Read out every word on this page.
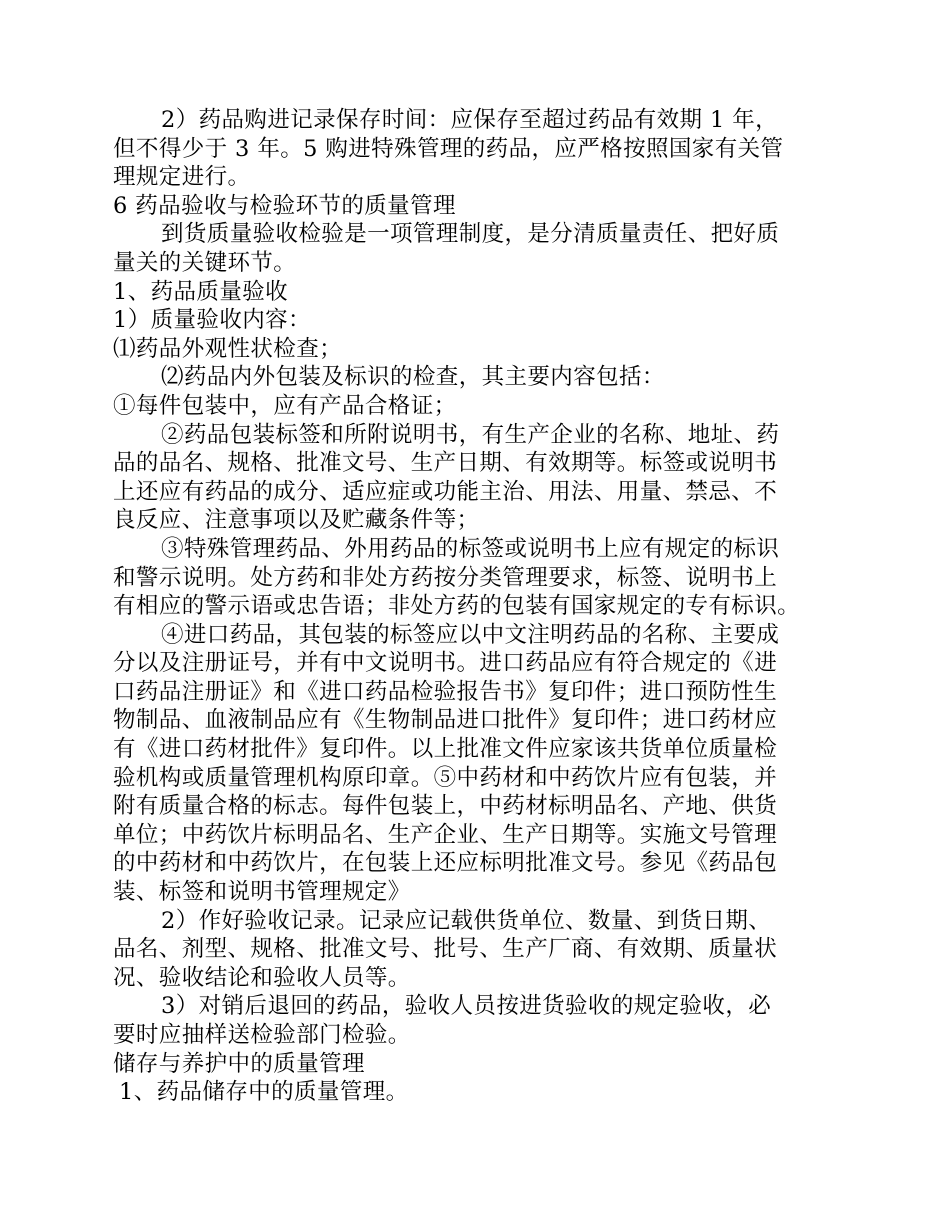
2）药品购进记录保存时间：应保存至超过药品有效期 1 年，
但不得少于 3 年。5 购进特殊管理的药品，应严格按照国家有关管
理规定进行。
6 药品验收与检验环节的质量管理
到货质量验收检验是一项管理制度，是分清质量责任、把好质
量关的关键环节。
1、药品质量验收
1）质量验收内容：
⑴药品外观性状检查；
⑵药品内外包装及标识的检查，其主要内容包括：
①每件包装中，应有产品合格证；
②药品包装标签和所附说明书，有生产企业的名称、地址、药
品的品名、规格、批准文号、生产日期、有效期等。标签或说明书
上还应有药品的成分、适应症或功能主治、用法、用量、禁忌、不
良反应、注意事项以及贮藏条件等；
③特殊管理药品、外用药品的标签或说明书上应有规定的标识
和警示说明。处方药和非处方药按分类管理要求，标签、说明书上
有相应的警示语或忠告语；非处方药的包装有国家规定的专有标识。
④进口药品，其包装的标签应以中文注明药品的名称、主要成
分以及注册证号，并有中文说明书。进口药品应有符合规定的《进
口药品注册证》和《进口药品检验报告书》复印件；进口预防性生
物制品、血液制品应有《生物制品进口批件》复印件；进口药材应
有《进口药材批件》复印件。以上批准文件应家该共货单位质量检
验机构或质量管理机构原印章。⑤中药材和中药饮片应有包装，并
附有质量合格的标志。每件包装上，中药材标明品名、产地、供货
单位；中药饮片标明品名、生产企业、生产日期等。实施文号管理
的中药材和中药饮片，在包装上还应标明批准文号。参见《药品包
装、标签和说明书管理规定》
2）作好验收记录。记录应记载供货单位、数量、到货日期、
品名、剂型、规格、批准文号、批号、生产厂商、有效期、质量状
况、验收结论和验收人员等。
3）对销后退回的药品，验收人员按进货验收的规定验收，必
要时应抽样送检验部门检验。
储存与养护中的质量管理
1、药品储存中的质量管理。
